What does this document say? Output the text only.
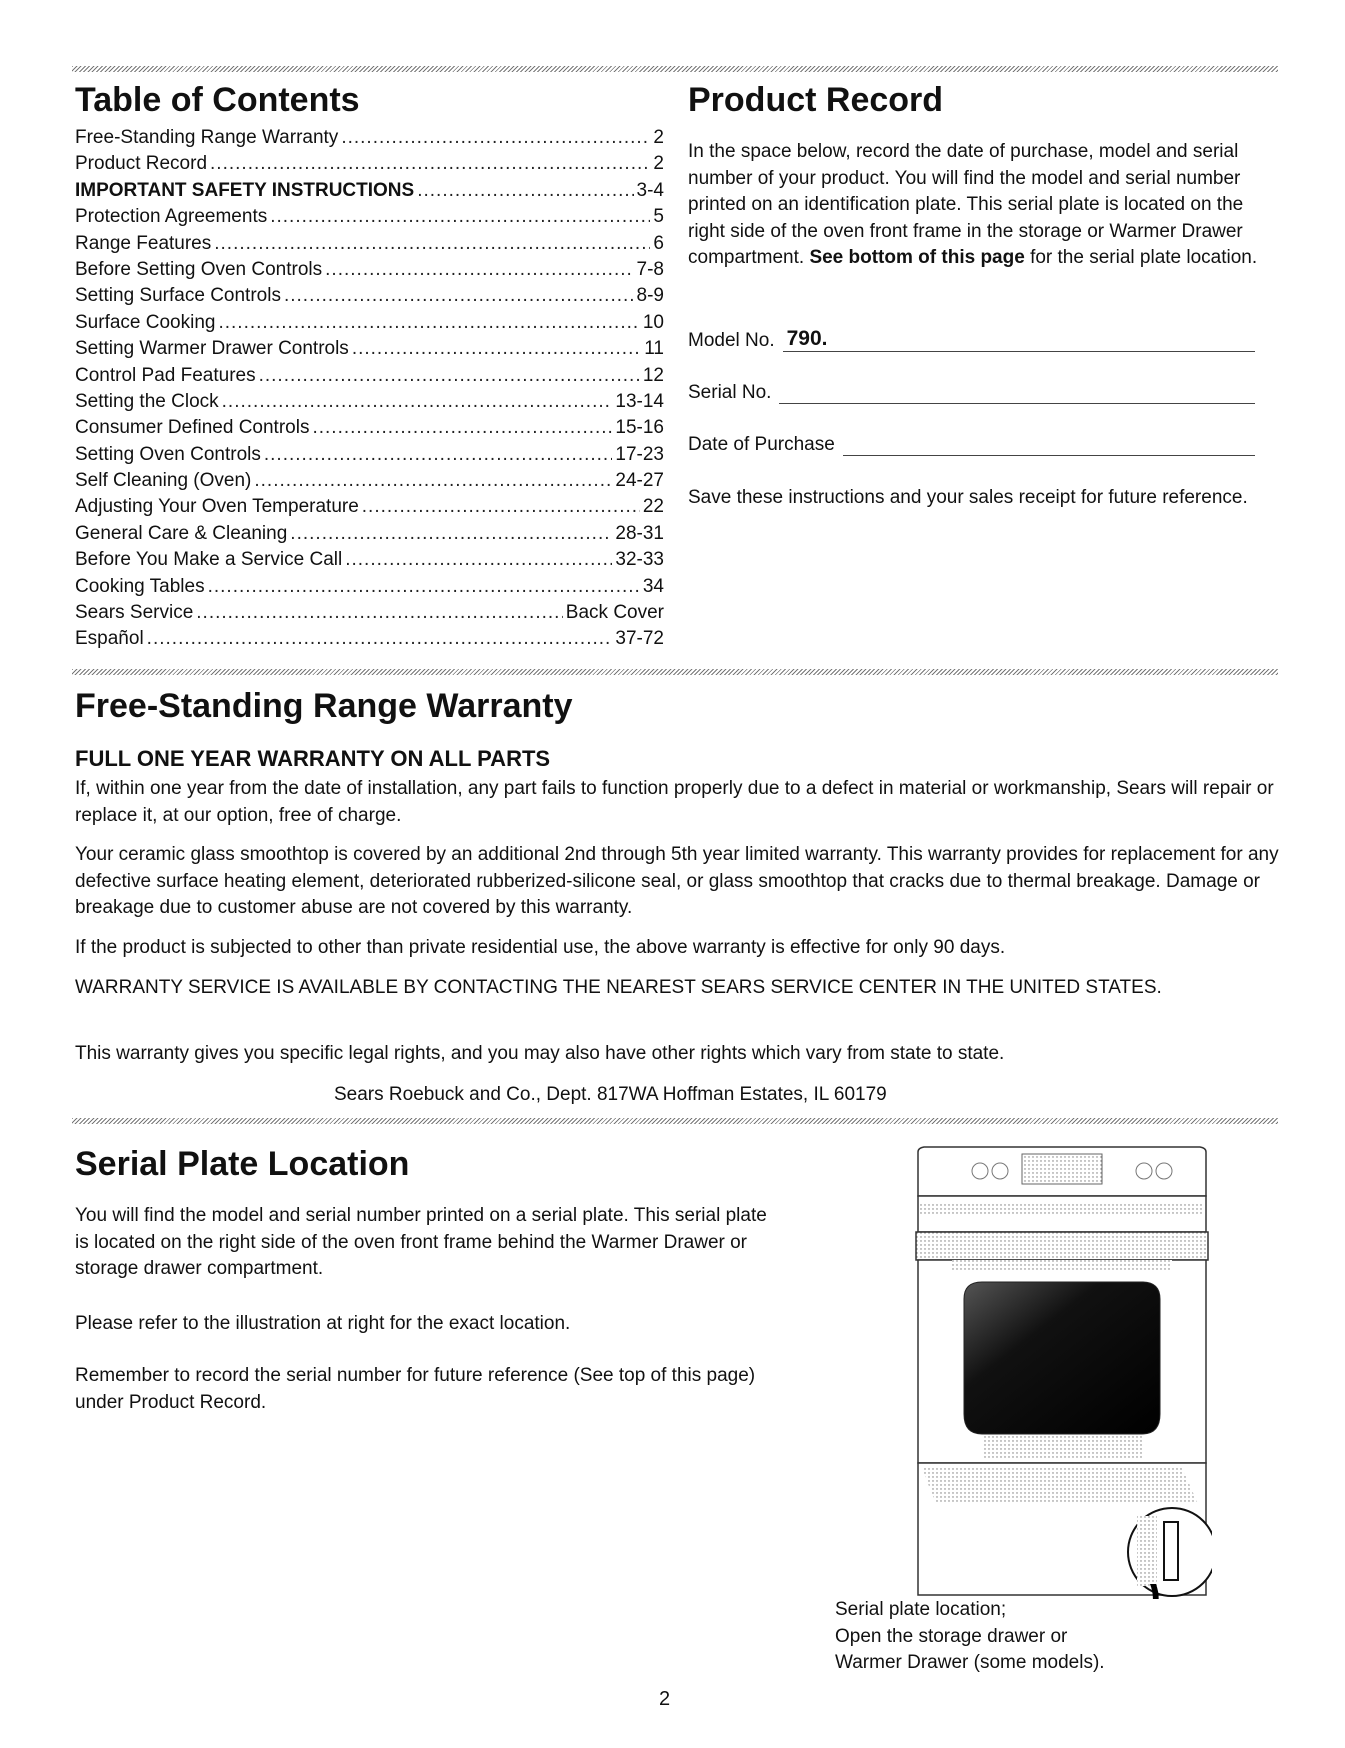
Table of Contents
Free-Standing Range Warranty .....	2
Product Record .....	2
IMPORTANT SAFETY INSTRUCTIONS .....	3-4
Protection Agreements .....	5
Range Features .....	6
Before Setting Oven Controls .....	7-8
Setting Surface Controls .....	8-9
Surface Cooking .....	10
Setting Warmer Drawer Controls .....	11
Control Pad Features .....	12
Setting the Clock .....	13-14
Consumer Defined Controls .....	15-16
Setting Oven Controls .....	17-23
Self Cleaning (Oven) .....	24-27
Adjusting Your Oven Temperature .....	22
General Care & Cleaning .....	28-31
Before You Make a Service Call .....	32-33
Cooking Tables .....	34
Sears Service .....	Back Cover
Español .....	37-72
Product Record
In the space below, record the date of purchase, model and serial number of your product. You will find the model and serial number printed on an identification plate. This serial plate is located on the right side of the oven front frame in the storage or Warmer Drawer compartment. See bottom of this page for the serial plate location.
Model No. 790.
Serial No.
Date of Purchase
Save these instructions and your sales receipt for future reference.
Free-Standing Range Warranty
FULL ONE YEAR WARRANTY ON ALL PARTS
If, within one year from the date of installation, any part fails to function properly due to a defect in material or workmanship, Sears will repair or replace it, at our option, free of charge.
Your ceramic glass smoothtop is covered by an additional 2nd through 5th year limited warranty. This warranty provides for replacement for any defective surface heating element, deteriorated rubberized-silicone seal, or glass smoothtop that cracks due to thermal breakage. Damage or breakage due to customer abuse are not covered by this warranty.
If the product is subjected to other than private residential use, the above warranty is effective for only 90 days.
WARRANTY SERVICE IS AVAILABLE BY CONTACTING THE NEAREST SEARS SERVICE CENTER IN THE UNITED STATES.
This warranty gives you specific legal rights, and you may also have other rights which vary from state to state.
Sears Roebuck and Co., Dept. 817WA Hoffman Estates, IL 60179
Serial Plate Location
You will find the model and serial number printed on a serial plate. This serial plate is located on the right side of the oven front frame behind the Warmer Drawer or storage drawer compartment.
Please refer to the illustration at right for the exact location.
Remember to record the serial number for future reference (See top of this page) under Product Record.
Serial plate location;
Open the storage drawer or
Warmer Drawer (some models).
2
